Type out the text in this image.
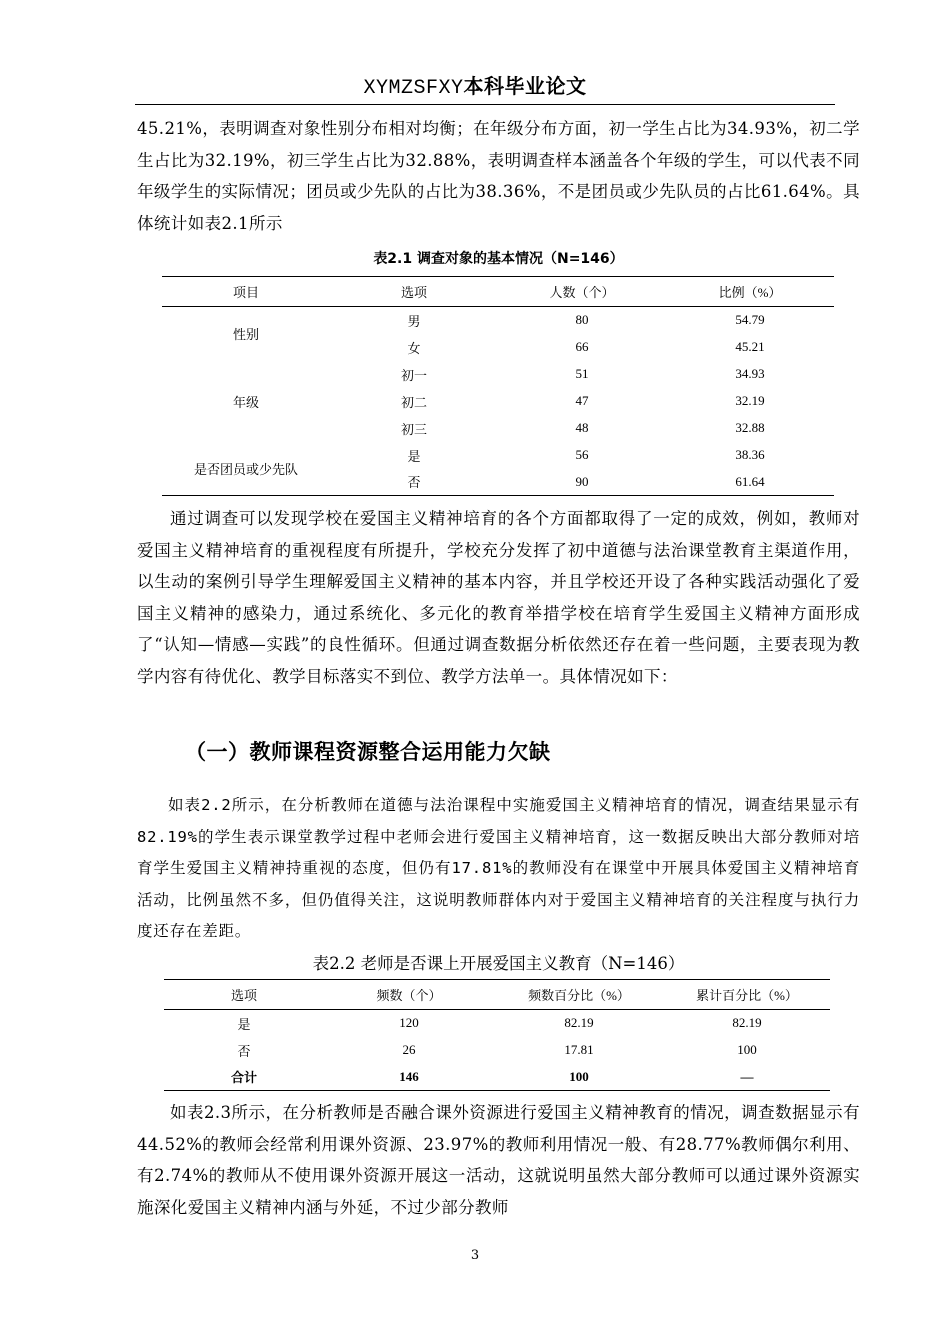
XYMZSFXY本科毕业论文

45.21%，表明调查对象性别分布相对均衡；在年级分布方面，初一学生占比为34.93%，初二学生占比为32.19%，初三学生占比为32.88%，表明调查样本涵盖各个年级的学生，可以代表不同年级学生的实际情况；团员或少先队的占比为38.36%，不是团员或少先队员的占比61.64%。具体统计如表2.1所示

表2.1 调查对象的基本情况（N=146）

项目	选项	人数（个）	比例（%）
性别	男	80	54.79
	女	66	45.21
年级	初一	51	34.93
	初二	47	32.19
	初三	48	32.88
是否团员或少先队	是	56	38.36
	否	90	61.64

通过调查可以发现学校在爱国主义精神培育的各个方面都取得了一定的成效，例如，教师对爱国主义精神培育的重视程度有所提升，学校充分发挥了初中道德与法治课堂教育主渠道作用，以生动的案例引导学生理解爱国主义精神的基本内容，并且学校还开设了各种实践活动强化了爱国主义精神的感染力，通过系统化、多元化的教育举措学校在培育学生爱国主义精神方面形成了“认知—情感—实践”的良性循环。但通过调查数据分析依然还存在着一些问题，主要表现为教学内容有待优化、教学目标落实不到位、教学方法单一。具体情况如下：

（一）教师课程资源整合运用能力欠缺

如表2.2所示，在分析教师在道德与法治课程中实施爱国主义精神培育的情况，调查结果显示有82.19%的学生表示课堂教学过程中老师会进行爱国主义精神培育，这一数据反映出大部分教师对培育学生爱国主义精神持重视的态度，但仍有17.81%的教师没有在课堂中开展具体爱国主义精神培育活动，比例虽然不多，但仍值得关注，这说明教师群体内对于爱国主义精神培育的关注程度与执行力度还存在差距。

表2.2 老师是否课上开展爱国主义教育（N=146）

选项	频数（个）	频数百分比（%）	累计百分比（%）
是	120	82.19	82.19
否	26	17.81	100
合计	146	100	—

如表2.3所示，在分析教师是否融合课外资源进行爱国主义精神教育的情况，调查数据显示有44.52%的教师会经常利用课外资源、23.97%的教师利用情况一般、有28.77%教师偶尔利用、有2.74%的教师从不使用课外资源开展这一活动，这就说明虽然大部分教师可以通过课外资源实施深化爱国主义精神内涵与外延，不过少部分教师

3
